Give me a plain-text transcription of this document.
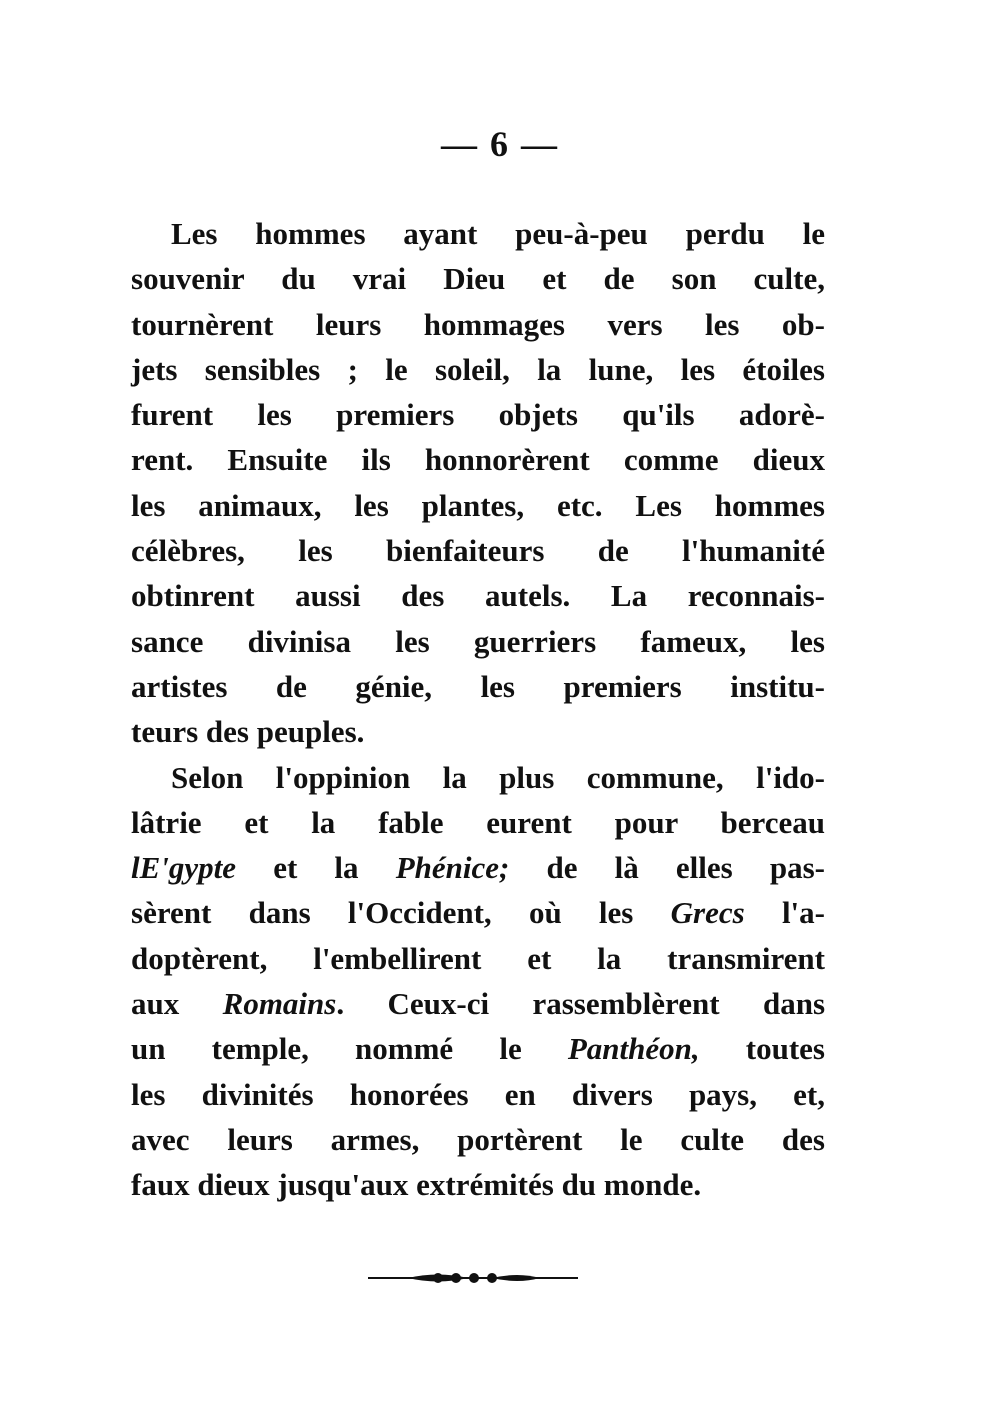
— 6 —
Les hommes ayant peu-à-peu perdu le
souvenir du vrai Dieu et de son culte,
tournèrent leurs hommages vers les ob-
jets sensibles ; le soleil, la lune, les étoiles
furent les premiers objets qu'ils adorè-
rent. Ensuite ils honnorèrent comme dieux
les animaux, les plantes, etc. Les hommes
célèbres, les bienfaiteurs de l'humanité
obtinrent aussi des autels. La reconnais-
sance divinisa les guerriers fameux, les
artistes de génie, les premiers institu-
teurs des peuples.
Selon l'oppinion la plus commune, l'ido-
lâtrie et la fable eurent pour berceau
lE'gypte et la Phénice; de là elles pas-
sèrent dans l'Occident, où les Grecs l'a-
doptèrent, l'embellirent et la transmirent
aux Romains. Ceux-ci rassemblèrent dans
un temple, nommé le Panthéon, toutes
les divinités honorées en divers pays, et,
avec leurs armes, portèrent le culte des
faux dieux jusqu'aux extrémités du monde.
